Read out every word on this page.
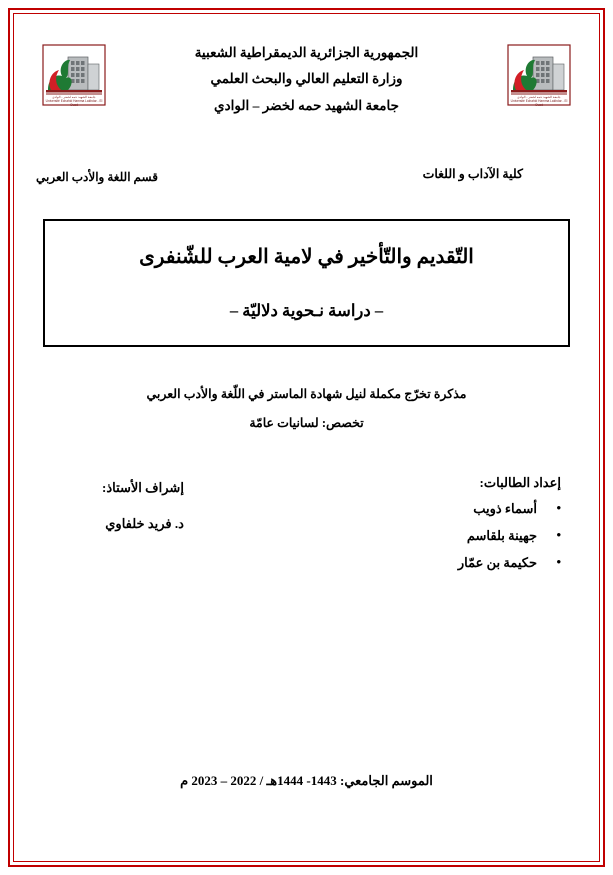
جامعة الشهيد حمه لخضر - الوادي
Université Echahid Hamma Lakhdar - El Oued
جامعة الشهيد حمه لخضر - الوادي
Université Echahid Hamma Lakhdar - El Oued
الجمهورية الجزائرية الديمقراطية الشعبية
وزارة التعليم العالي والبحث العلمي
جامعة الشهيد حمه لخضر – الوادي
كلية الآداب و اللغات
قسم اللغة والأدب العربي
التّقديم والتّأخير في لامية العرب للشّنفرى
– دراسة نـحوية دلاليّة –
مذكرة تخرّج مكملة لنيل شهادة الماستر في اللّغة والأدب العربي
تخصص: لسانيات عامّة
إعداد الطالبات:
• أسماء ذويب
• جهينة بلقاسم
• حكيمة بن عمّار
إشراف الأستاذ:
د. فريد خلفاوي
الموسم الجامعي: 1443- 1444هـ / 2022 – 2023 م
